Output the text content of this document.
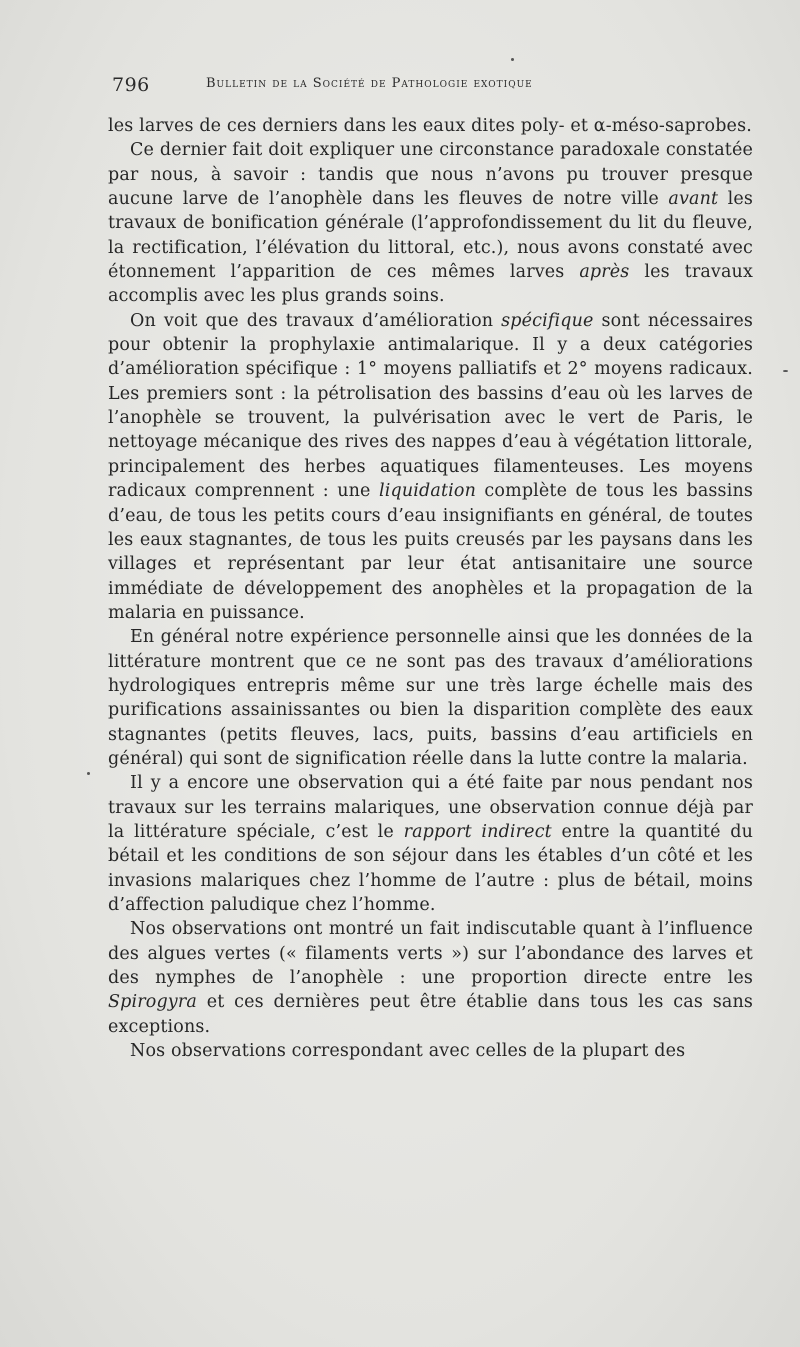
796	Bulletin de la Société de Pathologie exotique

les larves de ces derniers dans les eaux dites poly- et α-méso-saprobes.

Ce dernier fait doit expliquer une circonstance paradoxale constatée par nous, à savoir : tandis que nous n’avons pu trouver presque aucune larve de l’anophèle dans les fleuves de notre ville avant les travaux de bonification générale (l’approfondissement du lit du fleuve, la rectification, l’élévation du littoral, etc.), nous avons constaté avec étonnement l’apparition de ces mêmes larves après les travaux accomplis avec les plus grands soins.

On voit que des travaux d’amélioration spécifique sont nécessaires pour obtenir la prophylaxie antimalarique. Il y a deux catégories d’amélioration spécifique : 1° moyens palliatifs et 2° moyens radicaux. Les premiers sont : la pétrolisation des bassins d’eau où les larves de l’anophèle se trouvent, la pulvérisation avec le vert de Paris, le nettoyage mécanique des rives des nappes d’eau à végétation littorale, principalement des herbes aquatiques filamenteuses. Les moyens radicaux comprennent : une liquidation complète de tous les bassins d’eau, de tous les petits cours d’eau insignifiants en général, de toutes les eaux stagnantes, de tous les puits creusés par les paysans dans les villages et représentant par leur état antisanitaire une source immédiate de développement des anophèles et la propagation de la malaria en puissance.

En général notre expérience personnelle ainsi que les données de la littérature montrent que ce ne sont pas des travaux d’améliorations hydrologiques entrepris même sur une très large échelle mais des purifications assainissantes ou bien la disparition complète des eaux stagnantes (petits fleuves, lacs, puits, bassins d’eau artificiels en général) qui sont de signification réelle dans la lutte contre la malaria.

Il y a encore une observation qui a été faite par nous pendant nos travaux sur les terrains malariques, une observation connue déjà par la littérature spéciale, c’est le rapport indirect entre la quantité du bétail et les conditions de son séjour dans les étables d’un côté et les invasions malariques chez l’homme de l’autre : plus de bétail, moins d’affection paludique chez l’homme.

Nos observations ont montré un fait indiscutable quant à l’influence des algues vertes (« filaments verts ») sur l’abondance des larves et des nymphes de l’anophèle : une proportion directe entre les Spirogyra et ces dernières peut être établie dans tous les cas sans exceptions.

Nos observations correspondant avec celles de la plupart des
